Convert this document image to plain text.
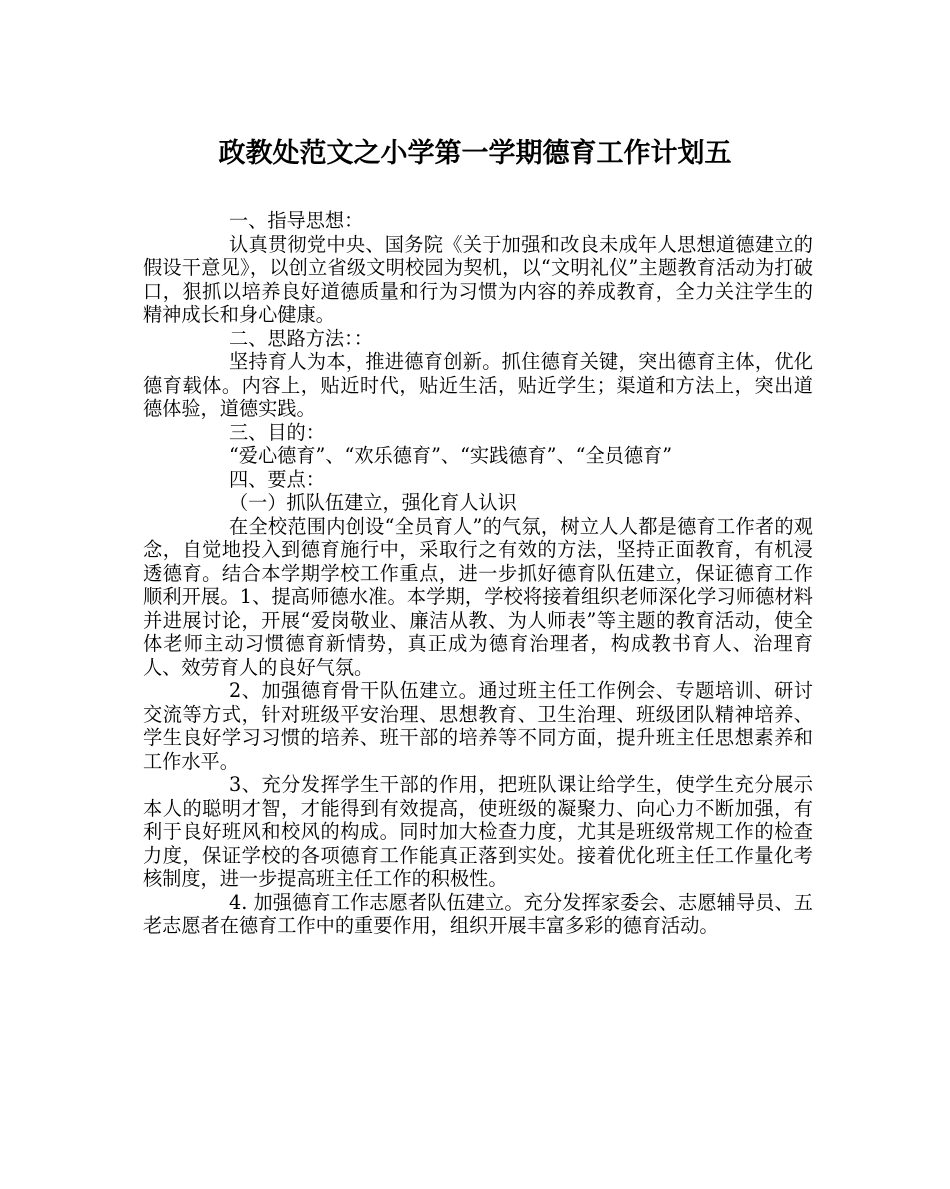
政教处范文之小学第一学期德育工作计划五

一、指导思想：

认真贯彻党中央、国务院《关于加强和改良未成年人思想道德建立的假设干意见》，以创立省级文明校园为契机，以“文明礼仪”主题教育活动为打破口，狠抓以培养良好道德质量和行为习惯为内容的养成教育，全力关注学生的精神成长和身心健康。

二、思路方法：：

坚持育人为本，推进德育创新。抓住德育关键，突出德育主体，优化德育载体。内容上，贴近时代，贴近生活，贴近学生；渠道和方法上，突出道德体验，道德实践。

三、目的：

“爱心德育”、“欢乐德育”、“实践德育”、“全员德育”

四、要点：

（一）抓队伍建立，强化育人认识

在全校范围内创设“全员育人”的气氛，树立人人都是德育工作者的观念，自觉地投入到德育施行中，采取行之有效的方法，坚持正面教育，有机浸透德育。结合本学期学校工作重点，进一步抓好德育队伍建立，保证德育工作顺利开展。1、提高师德水准。本学期，学校将接着组织老师深化学习师德材料并进展讨论，开展“爱岗敬业、廉洁从教、为人师表”等主题的教育活动，使全体老师主动习惯德育新情势，真正成为德育治理者，构成教书育人、治理育人、效劳育人的良好气氛。

2、加强德育骨干队伍建立。通过班主任工作例会、专题培训、研讨交流等方式，针对班级平安治理、思想教育、卫生治理、班级团队精神培养、学生良好学习习惯的培养、班干部的培养等不同方面，提升班主任思想素养和工作水平。

3、充分发挥学生干部的作用，把班队课让给学生，使学生充分展示本人的聪明才智，才能得到有效提高，使班级的凝聚力、向心力不断加强，有利于良好班风和校风的构成。同时加大检查力度，尤其是班级常规工作的检查力度，保证学校的各项德育工作能真正落到实处。接着优化班主任工作量化考核制度，进一步提高班主任工作的积极性。

4. 加强德育工作志愿者队伍建立。充分发挥家委会、志愿辅导员、五老志愿者在德育工作中的重要作用，组织开展丰富多彩的德育活动。
